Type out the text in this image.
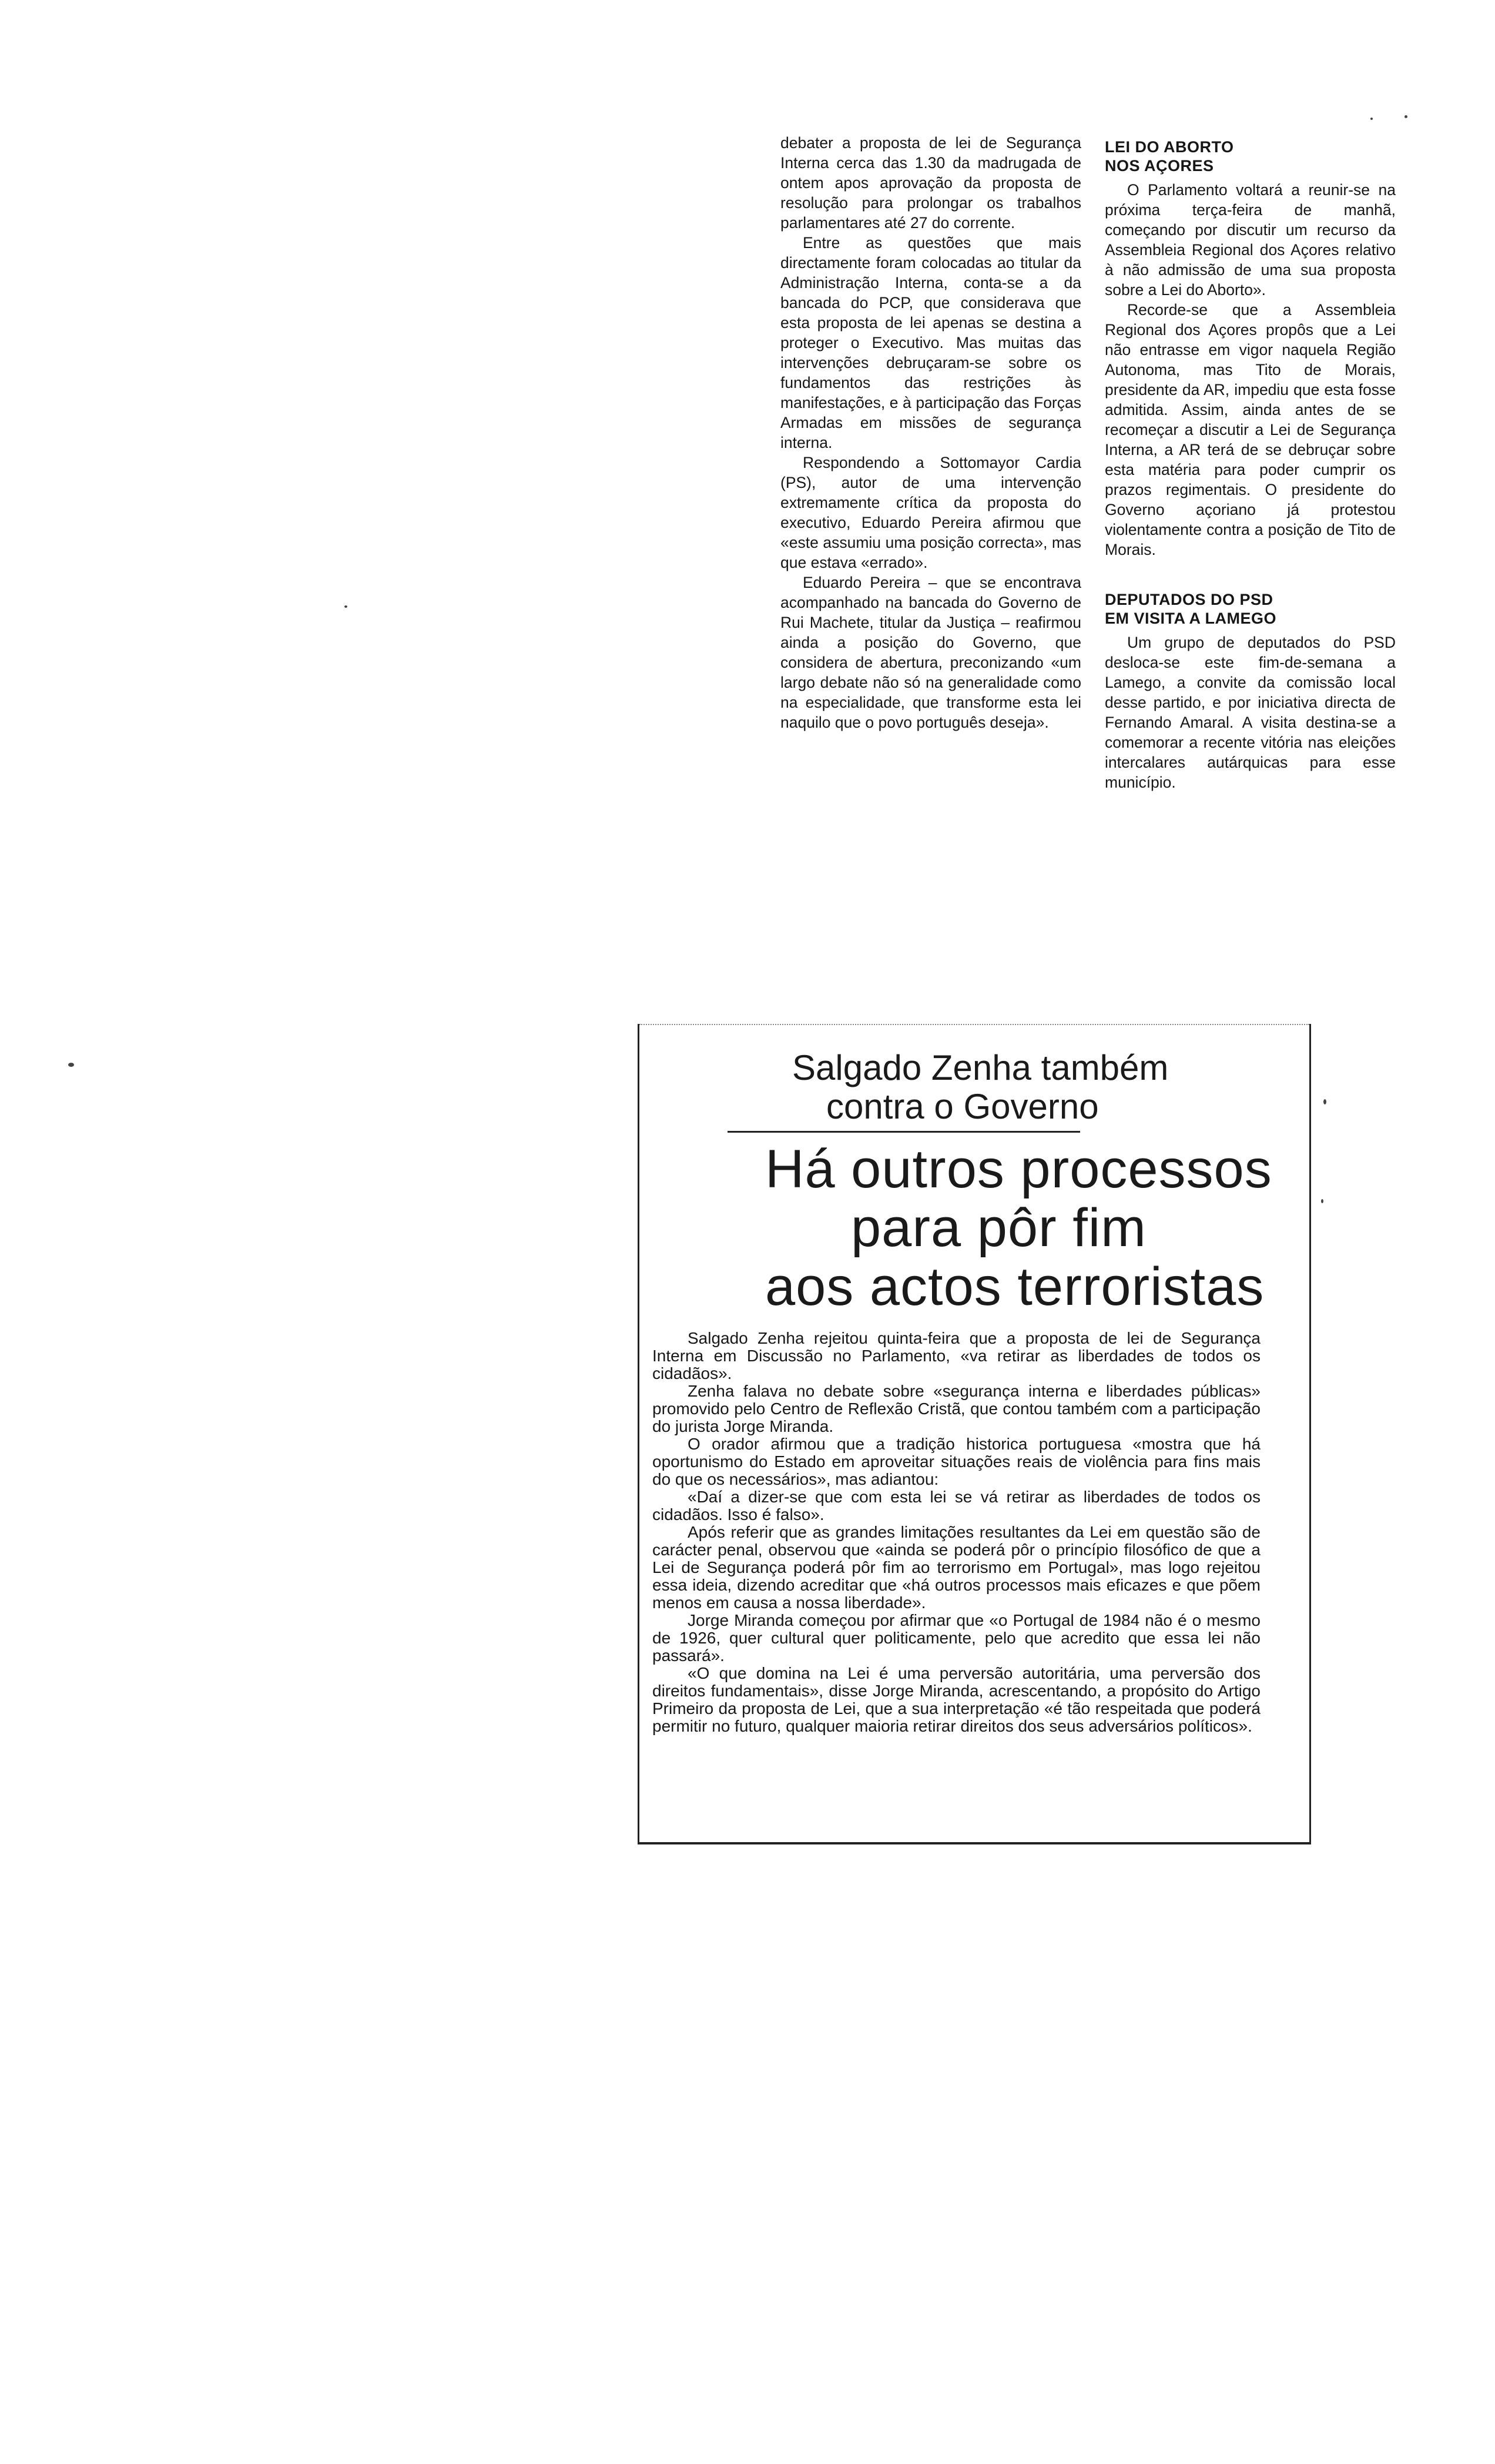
debater a proposta de lei de Segurança Interna cerca das 1.30 da madrugada de ontem apos aprovação da proposta de resolução para prolongar os trabalhos parlamentares até 27 do corrente.

Entre as questões que mais directamente foram colocadas ao titular da Administração Interna, conta-se a da bancada do PCP, que considerava que esta proposta de lei apenas se destina a proteger o Executivo. Mas muitas das intervenções debruçaram-se sobre os fundamentos das restrições às manifestações, e à participação das Forças Armadas em missões de segurança interna.

Respondendo a Sottomayor Cardia (PS), autor de uma intervenção extremamente crítica da proposta do executivo, Eduardo Pereira afirmou que «este assumiu uma posição correcta», mas que estava «errado».

Eduardo Pereira – que se encontrava acompanhado na bancada do Governo de Rui Machete, titular da Justiça – reafirmou ainda a posição do Governo, que considera de abertura, preconizando «um largo debate não só na generalidade como na especialidade, que transforme esta lei naquilo que o povo português deseja».

LEI DO ABORTO
NOS AÇORES

O Parlamento voltará a reunir-se na próxima terça-feira de manhã, começando por discutir um recurso da Assembleia Regional dos Açores relativo à não admissão de uma sua proposta sobre a Lei do Aborto».

Recorde-se que a Assembleia Regional dos Açores propôs que a Lei não entrasse em vigor naquela Região Autonoma, mas Tito de Morais, presidente da AR, impediu que esta fosse admitida. Assim, ainda antes de se recomeçar a discutir a Lei de Segurança Interna, a AR terá de se debruçar sobre esta matéria para poder cumprir os prazos regimentais. O presidente do Governo açoriano já protestou violentamente contra a posição de Tito de Morais.

DEPUTADOS DO PSD
EM VISITA A LAMEGO

Um grupo de deputados do PSD desloca-se este fim-de-semana a Lamego, a convite da comissão local desse partido, e por iniciativa directa de Fernando Amaral. A visita destina-se a comemorar a recente vitória nas eleições intercalares autárquicas para esse município.

Salgado Zenha também
contra o Governo
Há outros processos
para pôr fim
aos actos terroristas

Salgado Zenha rejeitou quinta-feira que a proposta de lei de Segurança Interna em Discussão no Parlamento, «va retirar as liberdades de todos os cidadãos».

Zenha falava no debate sobre «segurança interna e liberdades públicas» promovido pelo Centro de Reflexão Cristã, que contou também com a participação do jurista Jorge Miranda.

O orador afirmou que a tradição historica portuguesa «mostra que há oportunismo do Estado em aproveitar situações reais de violência para fins mais do que os necessários», mas adiantou:

«Daí a dizer-se que com esta lei se vá retirar as liberdades de todos os cidadãos. Isso é falso».

Após referir que as grandes limitações resultantes da Lei em questão são de carácter penal, observou que «ainda se poderá pôr o princípio filosófico de que a Lei de Segurança poderá pôr fim ao terrorismo em Portugal», mas logo rejeitou essa ideia, dizendo acreditar que «há outros processos mais eficazes e que põem menos em causa a nossa liberdade».

Jorge Miranda começou por afirmar que «o Portugal de 1984 não é o mesmo de 1926, quer cultural quer politicamente, pelo que acredito que essa lei não passará».

«O que domina na Lei é uma perversão autoritária, uma perversão dos direitos fundamentais», disse Jorge Miranda, acrescentando, a propósito do Artigo Primeiro da proposta de Lei, que a sua interpretação «é tão respeitada que poderá permitir no futuro, qualquer maioria retirar direitos dos seus adversários políticos».
